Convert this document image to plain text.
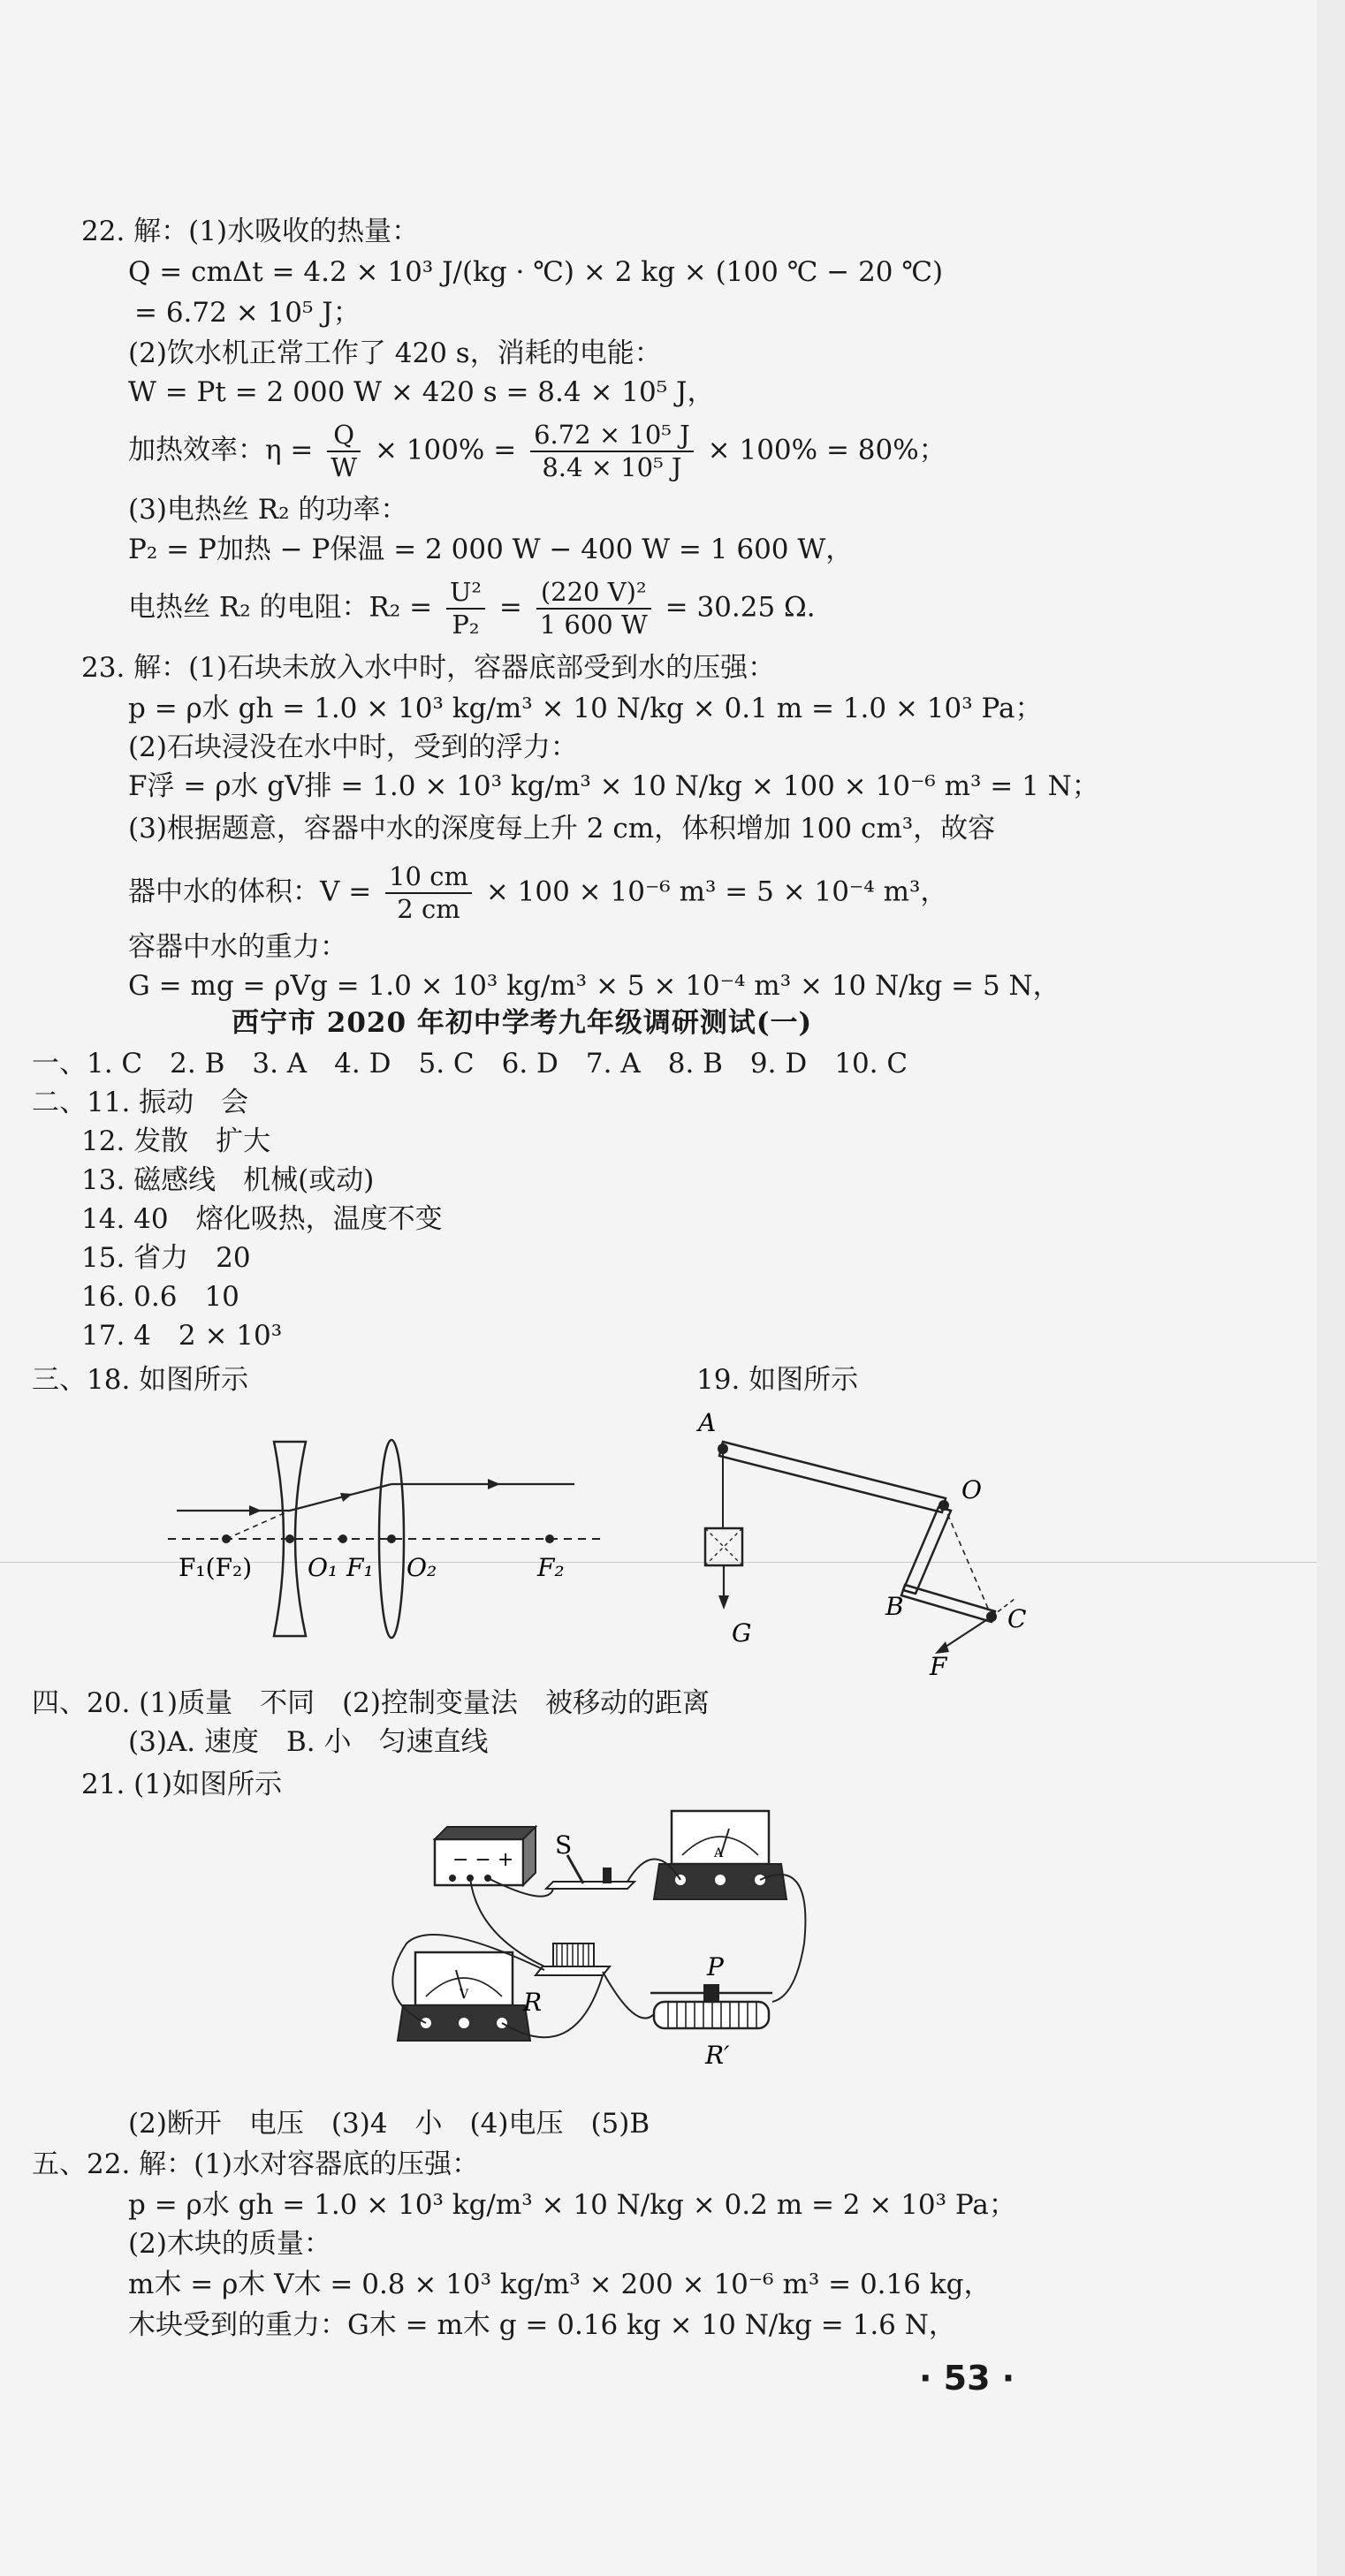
22. 解：(1)水吸收的热量：
Q = cmΔt = 4.2 × 10³ J/(kg · ℃) × 2 kg × (100 ℃ − 20 ℃)
= 6.72 × 10⁵ J；
(2)饮水机正常工作了 420 s，消耗的电能：
W = Pt = 2 000 W × 420 s = 8.4 × 10⁵ J，
加热效率：$\eta = \frac{Q}{W} \times 100\% = \frac{\text{6.72 × 10⁵ J}}{\text{8.4 × 10⁵ J}} \times 100\% = 80\%$；
(3)电热丝 R₂ 的功率：
P₂ = P加热 − P保温 = 2 000 W − 400 W = 1 600 W，
电热丝 R₂ 的电阻：$R_2 = \frac{\text{U²}}{\text{P₂}} = \frac{\text{(220 V)²}}{1 600 W} = 30.25$ Ω.
23. 解：(1)石块未放入水中时，容器底部受到水的压强：
p = ρ水 gh = 1.0 × 10³ kg/m³ × 10 N/kg × 0.1 m = 1.0 × 10³ Pa；
(2)石块浸没在水中时，受到的浮力：
F浮 = ρ水 gV排 = 1.0 × 10³ kg/m³ × 10 N/kg × 100 × 10⁻⁶ m³ = 1 N；
(3)根据题意，容器中水的深度每上升 2 cm，体积增加 100 cm³，故容
器中水的体积：$V = \frac{10 cm}{2 cm} \times 100 \times 10^{-6}$ m³ = 5 × 10⁻⁴ m³，
容器中水的重力：
G = mg = ρVg = 1.0 × 10³ kg/m³ × 5 × 10⁻⁴ m³ × 10 N/kg = 5 N，
西宁市 2020 年初中学考九年级调研测试(一)
一、1. C　2. B　3. A　4. D　5. C　6. D　7. A　8. B　9. D　10. C
二、11. 振动　会
12. 发散　扩大
13. 磁感线　机械(或动)
14. 40　熔化吸热，温度不变
15. 省力　20
16. 0.6　10
17. 4　2 × 10³
三、18. 如图所示	19. 如图所示
F₁(F₂) O₁ F₁ O₂	F₂
A
O
B	C
F
G
四、20. (1)质量　不同　(2)控制变量法　被移动的距离
(3)A. 速度　B. 小　匀速直线
21. (1)如图所示
− − +
S	A
V R
P
R′
(2)断开　电压　(3)4　小　(4)电压　(5)B
五、22. 解：(1)水对容器底的压强：
p = ρ水 gh = 1.0 × 10³ kg/m³ × 10 N/kg × 0.2 m = 2 × 10³ Pa；
(2)木块的质量：
m木 = ρ木 V木 = 0.8 × 10³ kg/m³ × 200 × 10⁻⁶ m³ = 0.16 kg，
木块受到的重力：G木 = m木 g = 0.16 kg × 10 N/kg = 1.6 N，
· 53 ·
